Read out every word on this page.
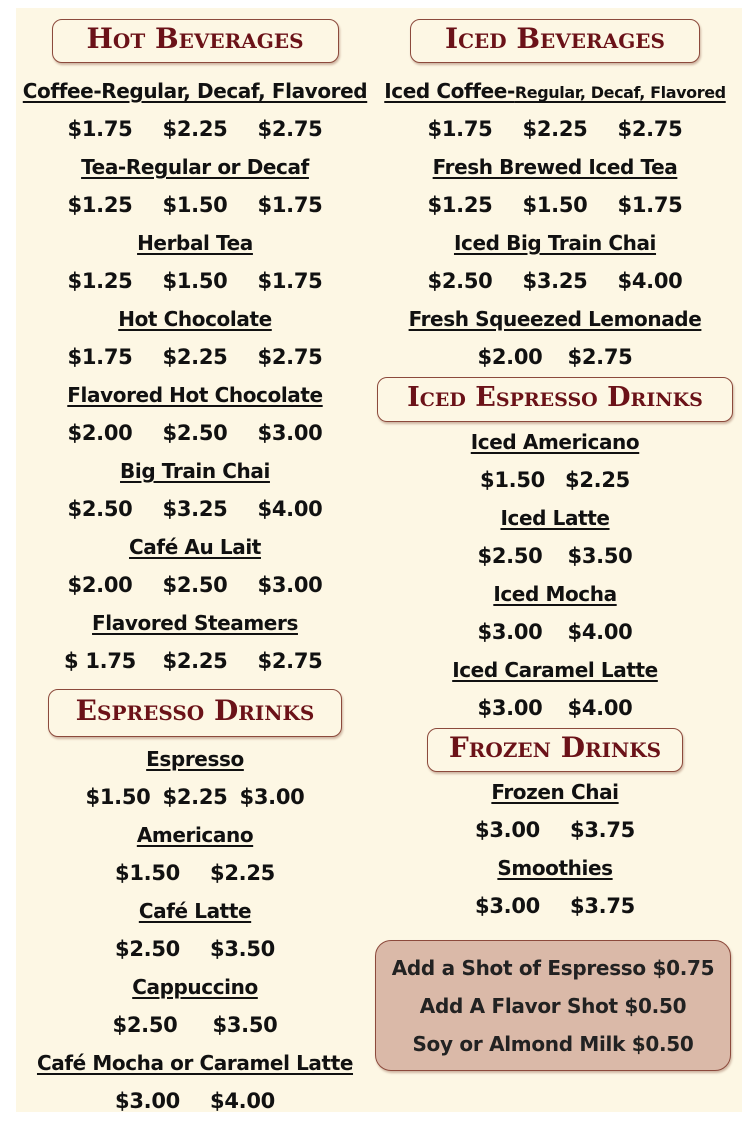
Hot Beverages
Coffee-Regular, Decaf, Flavored
$1.75	$2.25	$2.75
Tea-Regular or Decaf
$1.25	$1.50	$1.75
Herbal Tea
$1.25	$1.50	$1.75
Hot Chocolate
$1.75	$2.25	$2.75
Flavored Hot Chocolate
$2.00	$2.50	$3.00
Big Train Chai
$2.50	$3.25	$4.00
Café Au Lait
$2.00	$2.50	$3.00
Flavored Steamers
$ 1.75	$2.25	$2.75
Espresso Drinks
Espresso
$1.50 $2.25 $3.00
Americano
$1.50	$2.25
Café Latte
$2.50	$3.50
Cappuccino
$2.50	$3.50
Café Mocha or Caramel Latte
$3.00	$4.00
Iced Beverages
Iced Coffee-Regular, Decaf, Flavored
$1.75	$2.25	$2.75
Fresh Brewed Iced Tea
$1.25	$1.50	$1.75
Iced Big Train Chai
$2.50	$3.25	$4.00
Fresh Squeezed Lemonade
$2.00	$2.75
Iced Espresso Drinks
Iced Americano
$1.50 $2.25
Iced Latte
$2.50	$3.50
Iced Mocha
$3.00	$4.00
Iced Caramel Latte
$3.00	$4.00
Frozen Drinks
Frozen Chai
$3.00	$3.75
Smoothies
$3.00	$3.75
Add a Shot of Espresso $0.75
Add A Flavor Shot $0.50
Soy or Almond Milk $0.50
